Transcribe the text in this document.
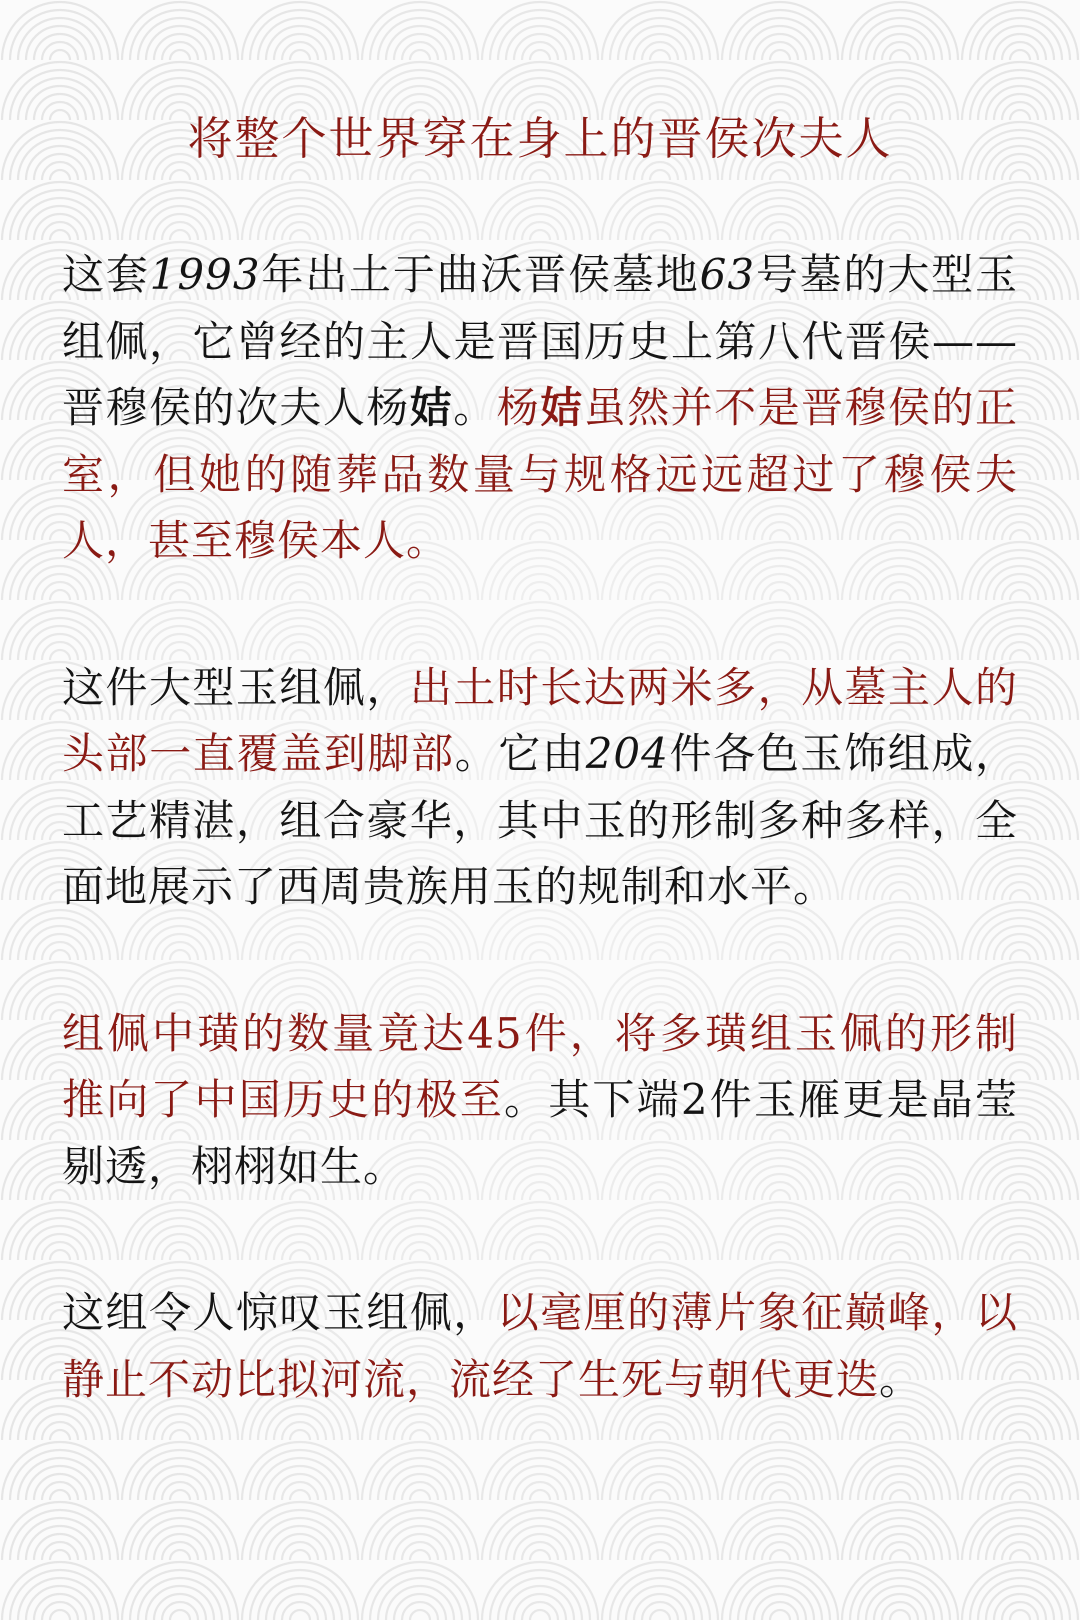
将整个世界穿在身上的晋侯次夫人

这套1993年出土于曲沃晋侯墓地63号墓的大型玉组佩，它曾经的主人是晋国历史上第八代晋侯——晋穆侯的次夫人杨姞。杨姞虽然并不是晋穆侯的正室，但她的随葬品数量与规格远远超过了穆侯夫人，甚至穆侯本人。

这件大型玉组佩，出土时长达两米多，从墓主人的头部一直覆盖到脚部。它由204件各色玉饰组成，工艺精湛，组合豪华，其中玉的形制多种多样，全面地展示了西周贵族用玉的规制和水平。

组佩中璜的数量竟达45件，将多璜组玉佩的形制推向了中国历史的极至。其下端2件玉雁更是晶莹剔透，栩栩如生。

这组令人惊叹玉组佩，以毫厘的薄片象征巅峰，以静止不动比拟河流，流经了生死与朝代更迭。
